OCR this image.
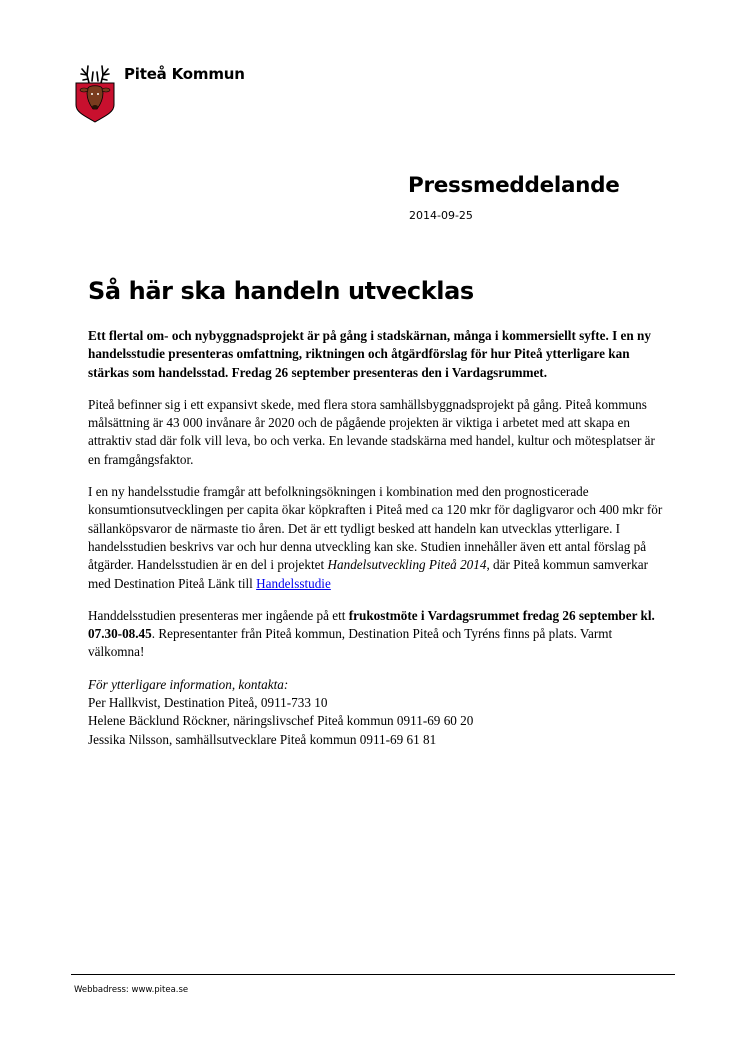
Piteå Kommun
Pressmeddelande
2014-09-25
Så här ska handeln utvecklas

Ett flertal om- och nybyggnadsprojekt är på gång i stadskärnan, många i kommersiellt syfte. I en ny handelsstudie presenteras omfattning, riktningen och åtgärdförslag för hur Piteå ytterligare kan stärkas som handelsstad. Fredag 26 september presenteras den i Vardagsrummet.

Piteå befinner sig i ett expansivt skede, med flera stora samhällsbyggnadsprojekt på gång. Piteå kommuns målsättning är 43 000 invånare år 2020 och de pågående projekten är viktiga i arbetet med att skapa en attraktiv stad där folk vill leva, bo och verka. En levande stadskärna med handel, kultur och mötesplatser är en framgångsfaktor.

I en ny handelsstudie framgår att befolkningsökningen i kombination med den prognosticerade konsumtionsutvecklingen per capita ökar köpkraften i Piteå med ca 120 mkr för dagligvaror och 400 mkr för sällanköpsvaror de närmaste tio åren. Det är ett tydligt besked att handeln kan utvecklas ytterligare. I handelsstudien beskrivs var och hur denna utveckling kan ske. Studien innehåller även ett antal förslag på åtgärder. Handelsstudien är en del i projektet Handelsutveckling Piteå 2014, där Piteå kommun samverkar med Destination Piteå Länk till Handelsstudie

Handdelsstudien presenteras mer ingående på ett frukostmöte i Vardagsrummet fredag 26 september kl. 07.30-08.45. Representanter från Piteå kommun, Destination Piteå och Tyréns finns på plats. Varmt välkomna!

För ytterligare information, kontakta:

Per Hallkvist, Destination Piteå, 0911-733 10

Helene Bäcklund Röckner, näringslivschef Piteå kommun 0911-69 60 20

Jessika Nilsson, samhällsutvecklare Piteå kommun 0911-69 61 81

Webbadress: www.pitea.se
